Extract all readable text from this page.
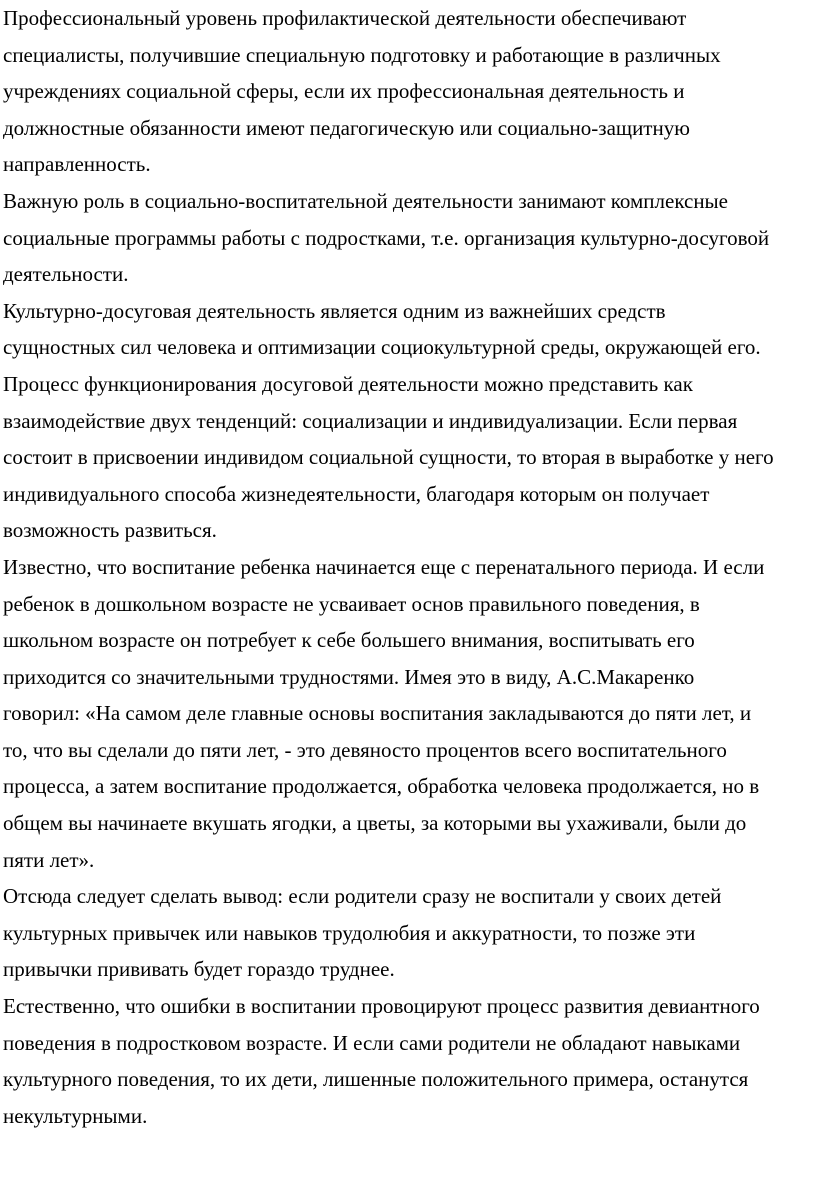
Профессиональный уровень профилактической деятельности обеспечивают

специалисты, получившие специальную подготовку и работающие в различных

учреждениях социальной сферы, если их профессиональная деятельность и

должностные обязанности имеют педагогическую или социально-защитную

направленность.

Важную роль в социально-воспитательной деятельности занимают комплексные

социальные программы работы с подростками, т.е. организация культурно-досуговой

деятельности.

Культурно-досуговая деятельность является одним из важнейших средств

сущностных сил человека и оптимизации социокультурной среды, окружающей его.

Процесс функционирования досуговой деятельности можно представить как

взаимодействие двух тенденций: социализации и индивидуализации. Если первая

состоит в присвоении индивидом социальной сущности, то вторая в выработке у него

индивидуального способа жизнедеятельности, благодаря которым он получает

возможность развиться.

Известно, что воспитание ребенка начинается еще с перенатального периода. И если

ребенок в дошкольном возрасте не усваивает основ правильного поведения, в

школьном возрасте он потребует к себе большего внимания, воспитывать его

приходится со значительными трудностями. Имея это в виду, А.С.Макаренко

говорил: «На самом деле главные основы воспитания закладываются до пяти лет, и

то, что вы сделали до пяти лет, - это девяносто процентов всего воспитательного

процесса, а затем воспитание продолжается, обработка человека продолжается, но в

общем вы начинаете вкушать ягодки, а цветы, за которыми вы ухаживали, были до

пяти лет».

Отсюда следует сделать вывод: если родители сразу не воспитали у своих детей

культурных привычек или навыков трудолюбия и аккуратности, то позже эти

привычки прививать будет гораздо труднее.

Естественно, что ошибки в воспитании провоцируют процесс развития девиантного

поведения в подростковом возрасте. И если сами родители не обладают навыками

культурного поведения, то их дети, лишенные положительного примера, останутся

некультурными.
